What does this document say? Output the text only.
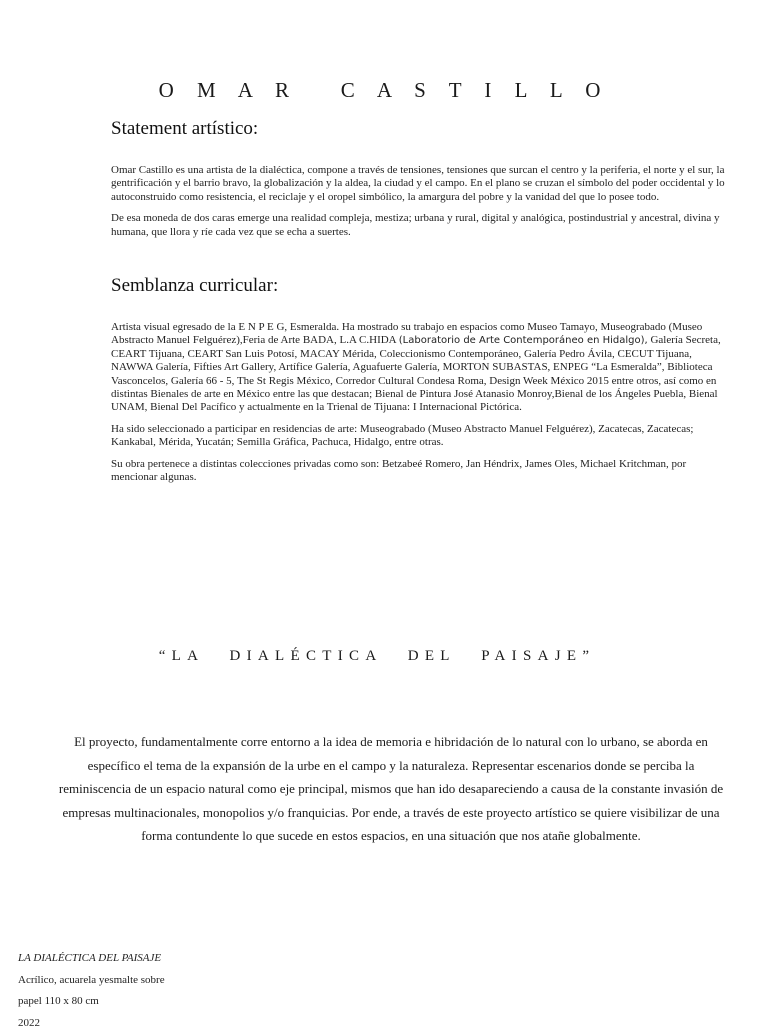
O M A R   C A S T I L L O
Statement artístico:

Omar Castillo es una artista de la dialéctica, compone a través de tensiones, tensiones que surcan el centro y la periferia, el norte y el sur, la gentrificación y el barrio bravo, la globalización y la aldea, la ciudad y el campo. En el plano se cruzan el símbolo del poder occidental y lo autoconstruido como resistencia, el reciclaje y el oropel simbólico, la amargura del pobre y la vanidad del que lo posee todo.

De esa moneda de dos caras emerge una realidad compleja, mestiza; urbana y rural, digital y analógica, postindustrial y ancestral, divina y humana, que llora y ríe cada vez que se echa a suertes.

Semblanza curricular:

Artista visual egresado de la E N P E G, Esmeralda. Ha mostrado su trabajo en espacios como Museo Tamayo, Museograbado (Museo Abstracto Manuel Felguérez),Feria de Arte BADA, L.A C.HIDA (Laboratorio de Arte Contemporáneo en Hidalgo), Galería Secreta, CEART Tijuana, CEART San Luis Potosí, MACAY Mérida, Coleccionismo Contemporáneo, Galería Pedro Ávila, CECUT Tijuana, NAWWA Galería, Fifties Art Gallery, Artífice Galería, Aguafuerte Galería, MORTON SUBASTAS, ENPEG “La Esmeralda”, Biblioteca Vasconcelos, Galería 66 - 5, The St Regis México, Corredor Cultural Condesa Roma, Design Week México 2015 entre otros, así como en distintas Bienales de arte en México entre las que destacan; Bienal de Pintura José Atanasio Monroy,Bienal de los Ángeles Puebla, Bienal UNAM, Bienal Del Pacífico y actualmente en la Trienal de Tijuana: I Internacional Pictórica.

Ha sido seleccionado a participar en residencias de arte: Museograbado (Museo Abstracto Manuel Felguérez), Zacatecas, Zacatecas; Kankabal, Mérida, Yucatán; Semilla Gráfica, Pachuca, Hidalgo, entre otras.

Su obra pertenece a distintas colecciones privadas como son: Betzabeé Romero, Jan Héndrix, James Oles, Michael Kritchman, por mencionar algunas.

“LA DIALÉCTICA DEL PAISAJE”
El proyecto, fundamentalmente corre entorno a la idea de memoria e hibridación de lo natural con lo urbano, se aborda en específico el tema de la expansión de la urbe en el campo y la naturaleza. Representar escenarios donde se perciba la reminiscencia de un espacio natural como eje principal, mismos que han ido desapareciendo a causa de la constante invasión de empresas multinacionales, monopolios y/o franquicias. Por ende, a través de este proyecto artístico se quiere visibilizar de una forma contundente lo que sucede en estos espacios, en una situación que nos atañe globalmente.
LA DIALÉCTICA DEL PAISAJE
Acrílico, acuarela yesmalte sobre
papel 110 x 80 cm
2022
